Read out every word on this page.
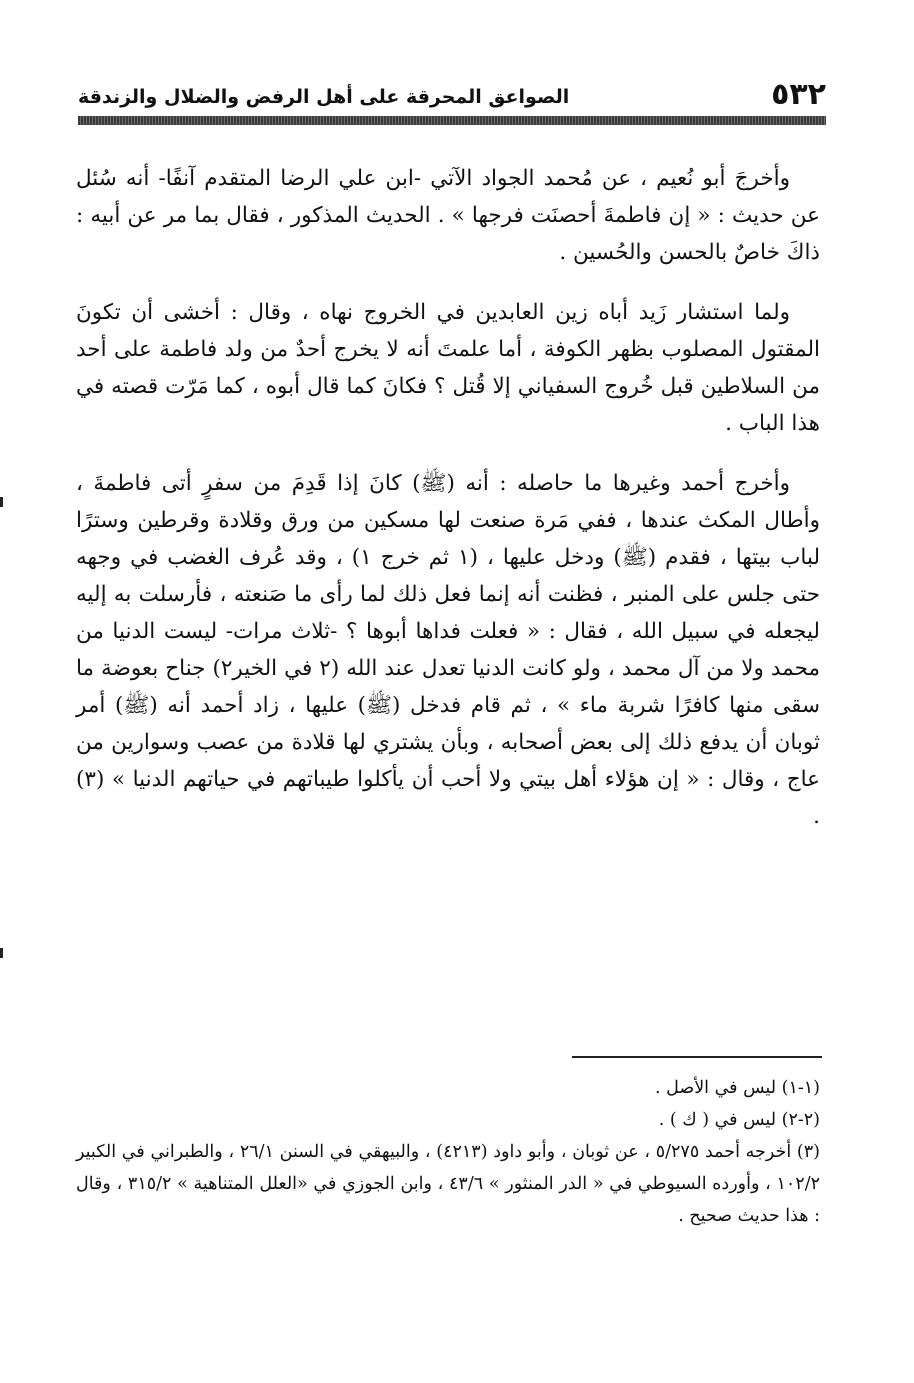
٥٣٢
الصواعق المحرقة على أهل الرفض والضلال والزندقة

وأخرجَ أبو نُعيم ، عن مُحمد الجواد الآتي -ابن علي الرضا المتقدم آنفًا- أنه سُئل عن حديث : « إن فاطمةَ أحصنَت فرجها » . الحديث المذكور ، فقال بما مر عن أبيه : ذاكَ خاصٌ بالحسن والحُسين .

ولما استشار زَيد أباه زين العابدين في الخروج نهاه ، وقال : أخشى أن تكونَ المقتول المصلوب بظهر الكوفة ، أما علمتَ أنه لا يخرج أحدٌ من ولد فاطمة على أحد من السلاطين قبل خُروج السفياني إلا قُتل ؟ فكانَ كما قال أبوه ، كما مَرّت قصته في هذا الباب .

وأخرج أحمد وغيرها ما حاصله : أنه (ﷺ) كانَ إذا قَدِمَ من سفرٍ أتى فاطمةَ ، وأطال المكث عندها ، ففي مَرة صنعت لها مسكين من ورق وقلادة وقرطين وسترًا لباب بيتها ، فقدم (ﷺ) ودخل عليها ، (١ ثم خرج ١) ، وقد عُرف الغضب في وجهه حتى جلس على المنبر ، فظنت أنه إنما فعل ذلك لما رأى ما صَنعته ، فأرسلت به إليه ليجعله في سبيل الله ، فقال : « فعلت فداها أبوها ؟ -ثلاث مرات- ليست الدنيا من محمد ولا من آل محمد ، ولو كانت الدنيا تعدل عند الله (٢ في الخير٢) جناح بعوضة ما سقى منها كافرًا شربة ماء » ، ثم قام فدخل (ﷺ) عليها ، زاد أحمد أنه (ﷺ) أمر ثوبان أن يدفع ذلك إلى بعض أصحابه ، وبأن يشتري لها قلادة من عصب وسوارين من عاج ، وقال : « إن هؤلاء أهل بيتي ولا أحب أن يأكلوا طيباتهم في حياتهم الدنيا » (٣) .

(١-١) ليس في الأصل .

(٢-٢) ليس في ( ك ) .

(٣) أخرجه أحمد ٥/٢٧٥ ، عن ثوبان ، وأبو داود (٤٢١٣) ، والبيهقي في السنن ٢٦/١ ، والطبراني في الكبير ١٠٢/٢ ، وأورده السيوطي في « الدر المنثور » ٤٣/٦ ، وابن الجوزي في «العلل المتناهية » ٣١٥/٢ ، وقال : هذا حديث صحيح .
